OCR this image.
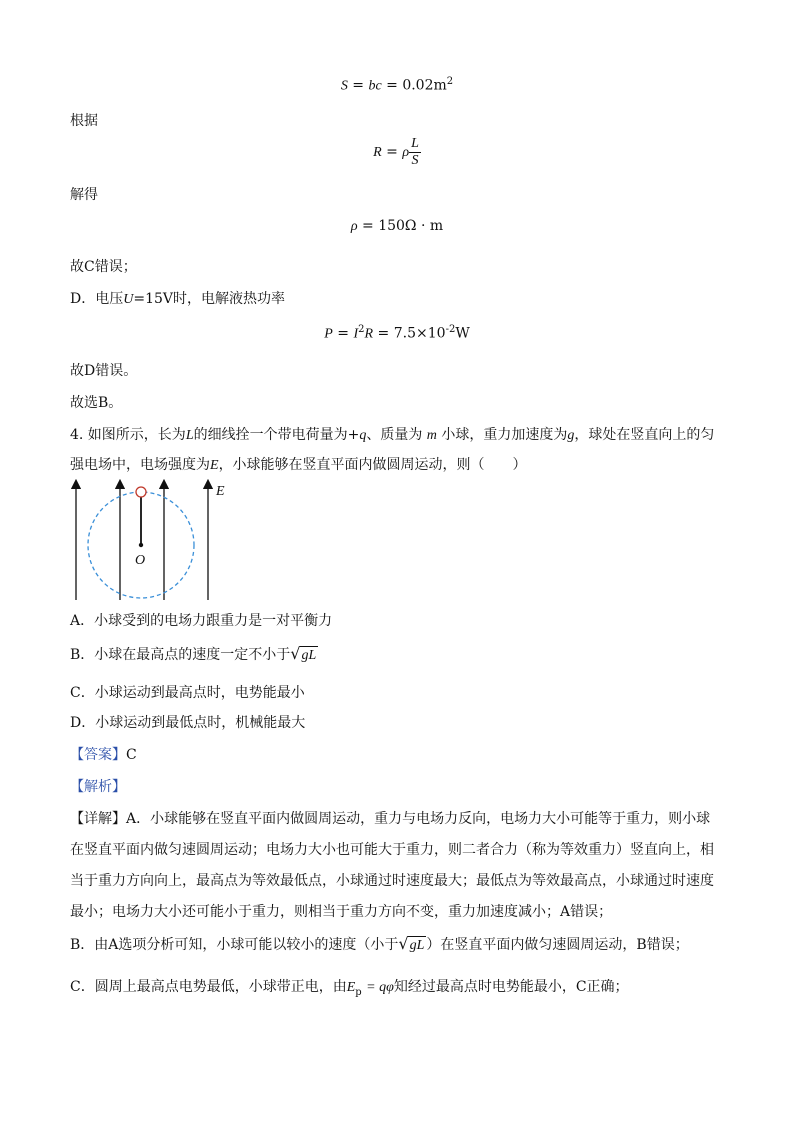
S = bc = $0.02m^2$
根据
R = ρ $\frac{L}{S}$
解得
ρ = 150Ω · m
故C错误；
D．电压U=15V时，电解液热功率
$P = I^2R = 7.5\times 10^{-2}W$
故D错误。
故选B。
4. 如图所示，长为L的细线拴一个带电荷量为+q、质量为 m 小球，重力加速度为g，球处在竖直向上的匀
强电场中，电场强度为E，小球能够在竖直平面内做圆周运动，则（　　）
O
E
A．小球受到的电场力跟重力是一对平衡力
B．小球在最高点的速度一定不小于√gL
C．小球运动到最高点时，电势能最小
D．小球运动到最低点时，机械能最大
【答案】C
【解析】
【详解】A．小球能够在竖直平面内做圆周运动，重力与电场力反向，电场力大小可能等于重力，则小球
在竖直平面内做匀速圆周运动；电场力大小也可能大于重力，则二者合力（称为等效重力）竖直向上，相
当于重力方向向上，最高点为等效最低点，小球通过时速度最大；最低点为等效最高点，小球通过时速度
最小；电场力大小还可能小于重力，则相当于重力方向不变，重力加速度减小；A错误；
B．由A选项分析可知，小球可能以较小的速度（小于√gL ）在竖直平面内做匀速圆周运动，B错误；
C．圆周上最高点电势最低，小球带正电，由$E_p = q\varphi$知经过最高点时电势能最小，C正确；
